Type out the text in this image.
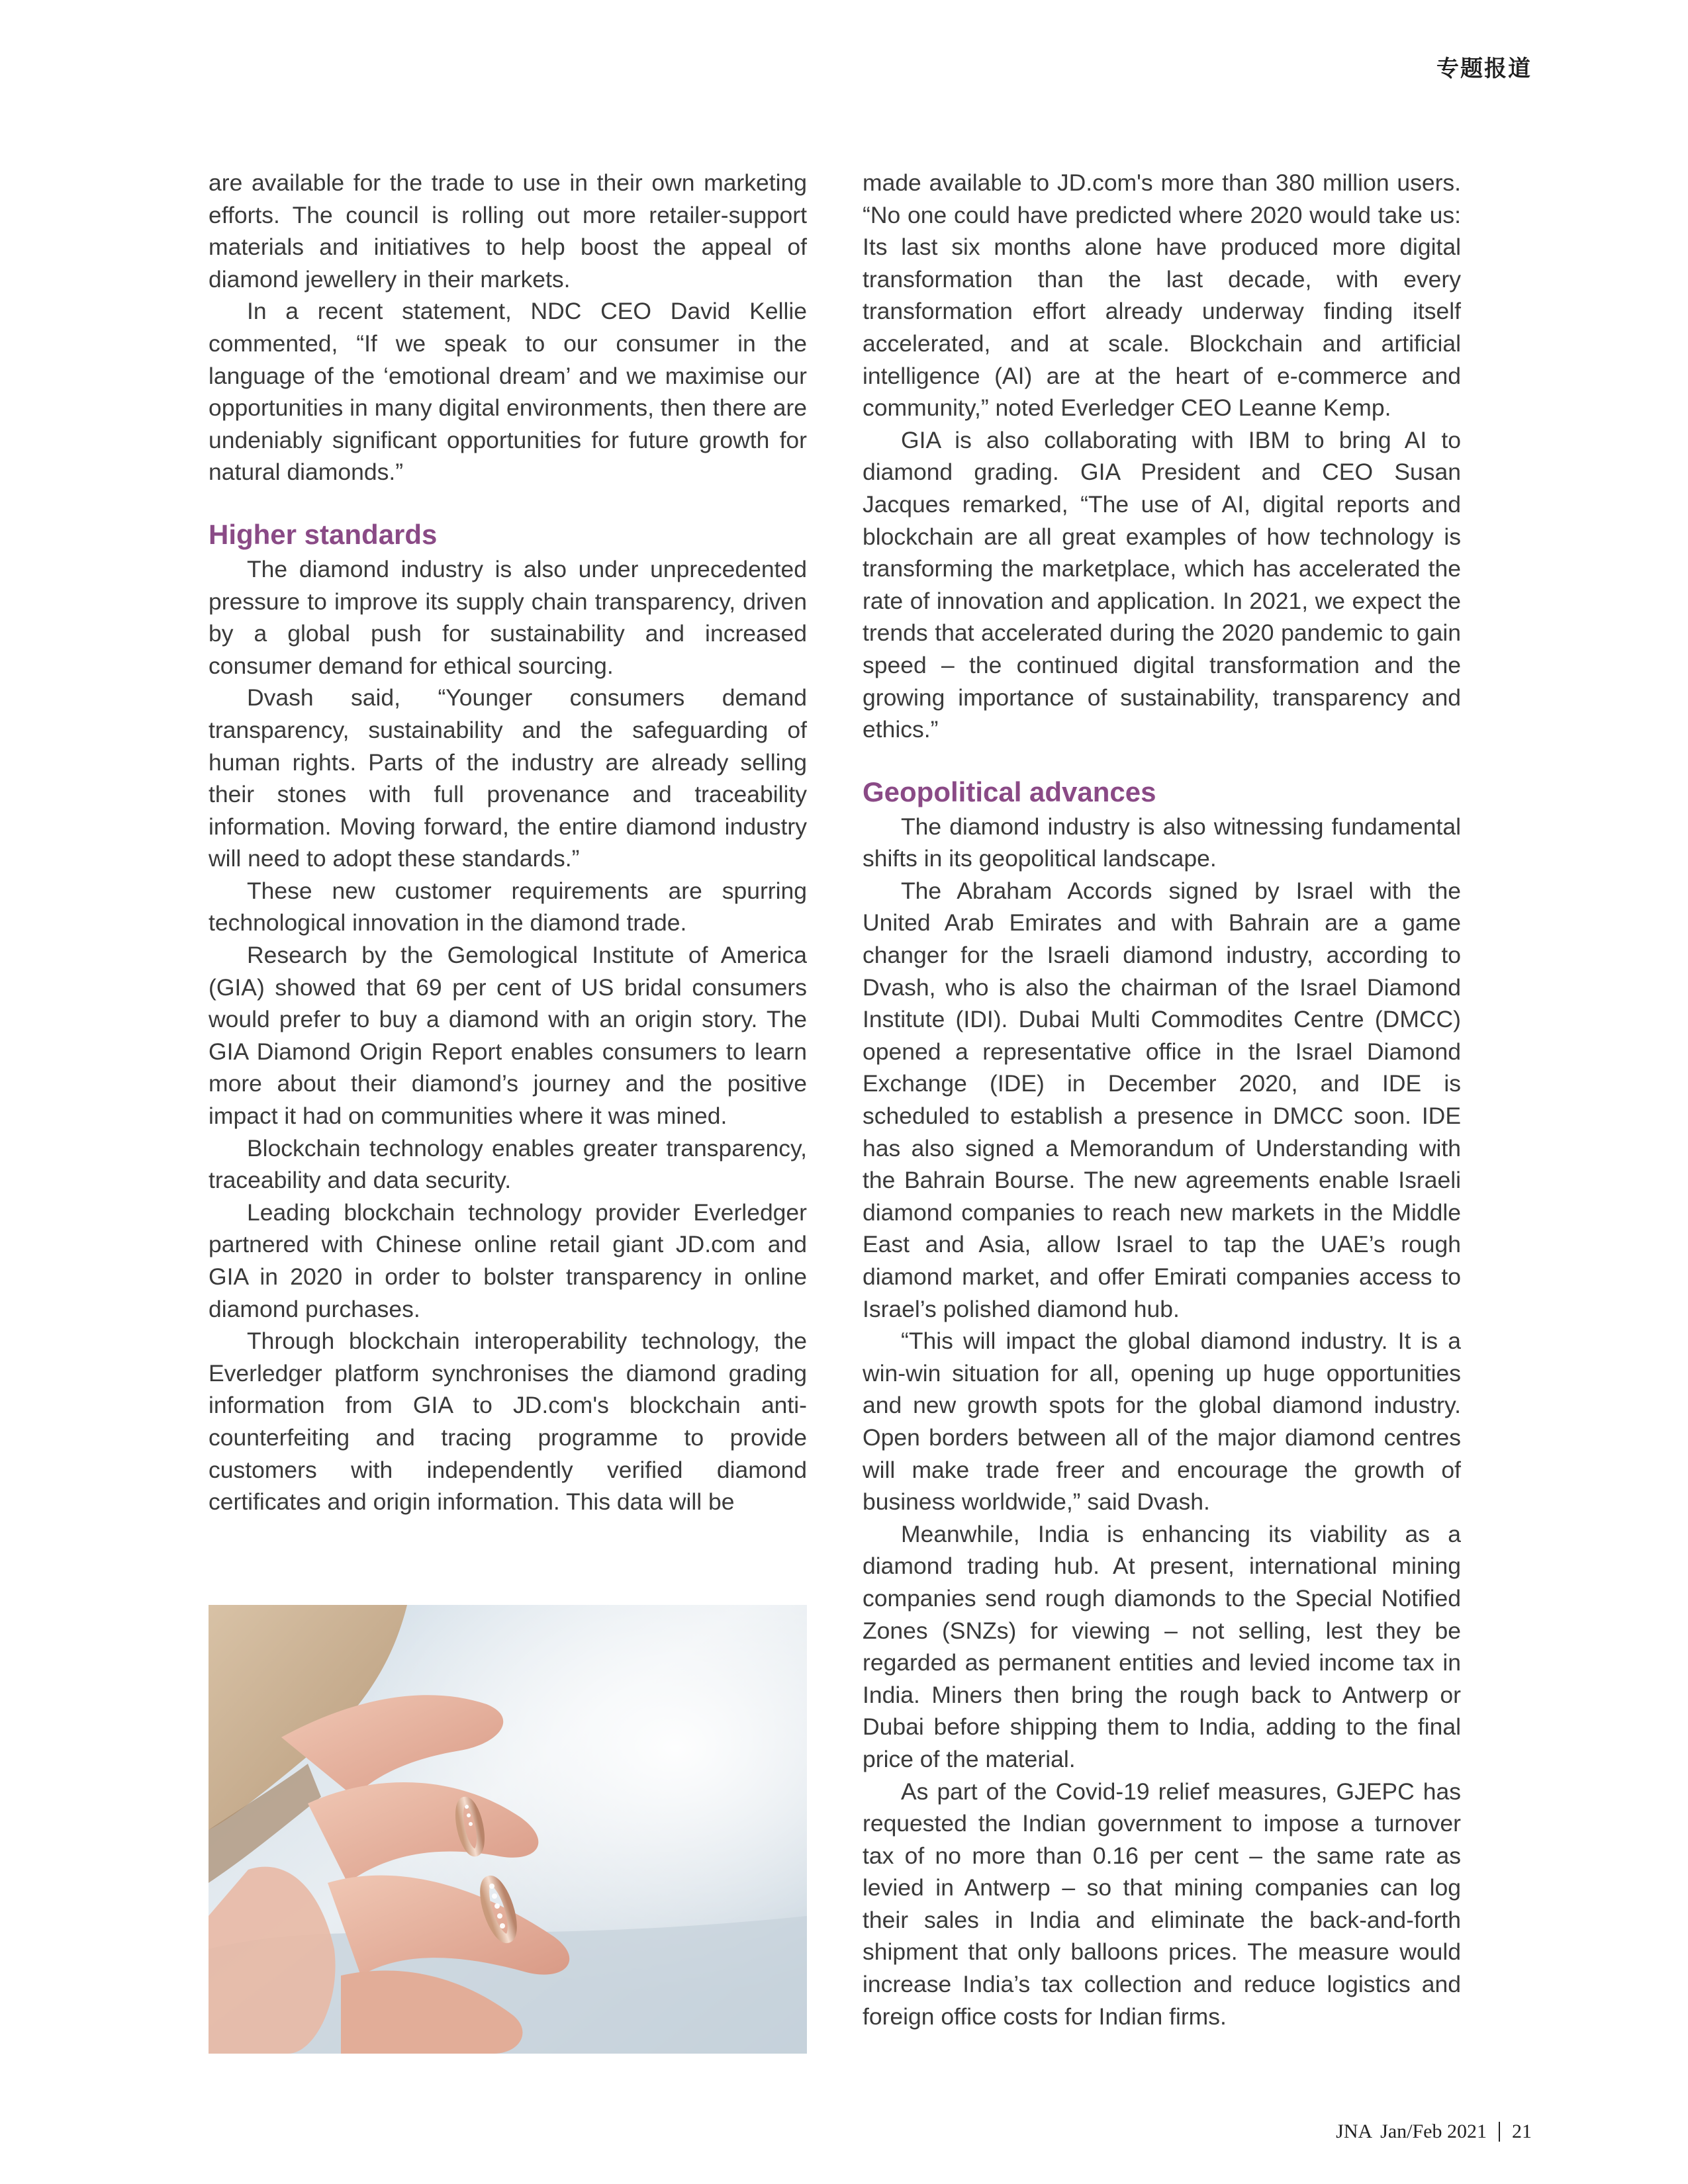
专题报道

are available for the trade to use in their own marketing efforts. The council is rolling out more retailer-support materials and initiatives to help boost the appeal of diamond jewellery in their markets.

In a recent statement, NDC CEO David Kellie commented, “If we speak to our consumer in the language of the ‘emotional dream’ and we maximise our opportunities in many digital environments, then there are undeniably significant opportunities for future growth for natural diamonds.”

Higher standards

The diamond industry is also under unprecedented pressure to improve its supply chain transparency, driven by a global push for sustainability and increased consumer demand for ethical sourcing.

Dvash said, “Younger consumers demand transparency, sustainability and the safeguarding of human rights. Parts of the industry are already selling their stones with full provenance and traceability information. Moving forward, the entire diamond industry will need to adopt these standards.”

These new customer requirements are spurring technological innovation in the diamond trade.

Research by the Gemological Institute of America (GIA) showed that 69 per cent of US bridal consumers would prefer to buy a diamond with an origin story. The GIA Diamond Origin Report enables consumers to learn more about their diamond’s journey and the positive impact it had on communities where it was mined.

Blockchain technology enables greater transparency, traceability and data security.

Leading blockchain technology provider Everledger partnered with Chinese online retail giant JD.com and GIA in 2020 in order to bolster transparency in online diamond purchases.

Through blockchain interoperability technology, the Everledger platform synchronises the diamond grading information from GIA to JD.com's blockchain anti-counterfeiting and tracing programme to provide customers with independently verified diamond certificates and origin information. This data will be

made available to JD.com's more than 380 million users. “No one could have predicted where 2020 would take us: Its last six months alone have produced more digital transformation than the last decade, with every transformation effort already underway finding itself accelerated, and at scale. Blockchain and artificial intelligence (AI) are at the heart of e-commerce and community,” noted Everledger CEO Leanne Kemp.

GIA is also collaborating with IBM to bring AI to diamond grading. GIA President and CEO Susan Jacques remarked, “The use of AI, digital reports and blockchain are all great examples of how technology is transforming the marketplace, which has accelerated the rate of innovation and application. In 2021, we expect the trends that accelerated during the 2020 pandemic to gain speed – the continued digital transformation and the growing importance of sustainability, transparency and ethics.”

Geopolitical advances

The diamond industry is also witnessing fundamental shifts in its geopolitical landscape.

The Abraham Accords signed by Israel with the United Arab Emirates and with Bahrain are a game changer for the Israeli diamond industry, according to Dvash, who is also the chairman of the Israel Diamond Institute (IDI). Dubai Multi Commodites Centre (DMCC) opened a representative office in the Israel Diamond Exchange (IDE) in December 2020, and IDE is scheduled to establish a presence in DMCC soon. IDE has also signed a Memorandum of Understanding with the Bahrain Bourse. The new agreements enable Israeli diamond companies to reach new markets in the Middle East and Asia, allow Israel to tap the UAE’s rough diamond market, and offer Emirati companies access to Israel’s polished diamond hub.

“This will impact the global diamond industry. It is a win-win situation for all, opening up huge opportunities and new growth spots for the global diamond industry. Open borders between all of the major diamond centres will make trade freer and encourage the growth of business worldwide,” said Dvash.

Meanwhile, India is enhancing its viability as a diamond trading hub. At present, international mining companies send rough diamonds to the Special Notified Zones (SNZs) for viewing – not selling, lest they be regarded as permanent entities and levied income tax in India. Miners then bring the rough back to Antwerp or Dubai before shipping them to India, adding to the final price of the material.

As part of the Covid-19 relief measures, GJEPC has requested the Indian government to impose a turnover tax of no more than 0.16 per cent – the same rate as levied in Antwerp – so that mining companies can log their sales in India and eliminate the back-and-forth shipment that only balloons prices. The measure would increase India’s tax collection and reduce logistics and foreign office costs for Indian firms.

JNA Jan/Feb 2021 21
